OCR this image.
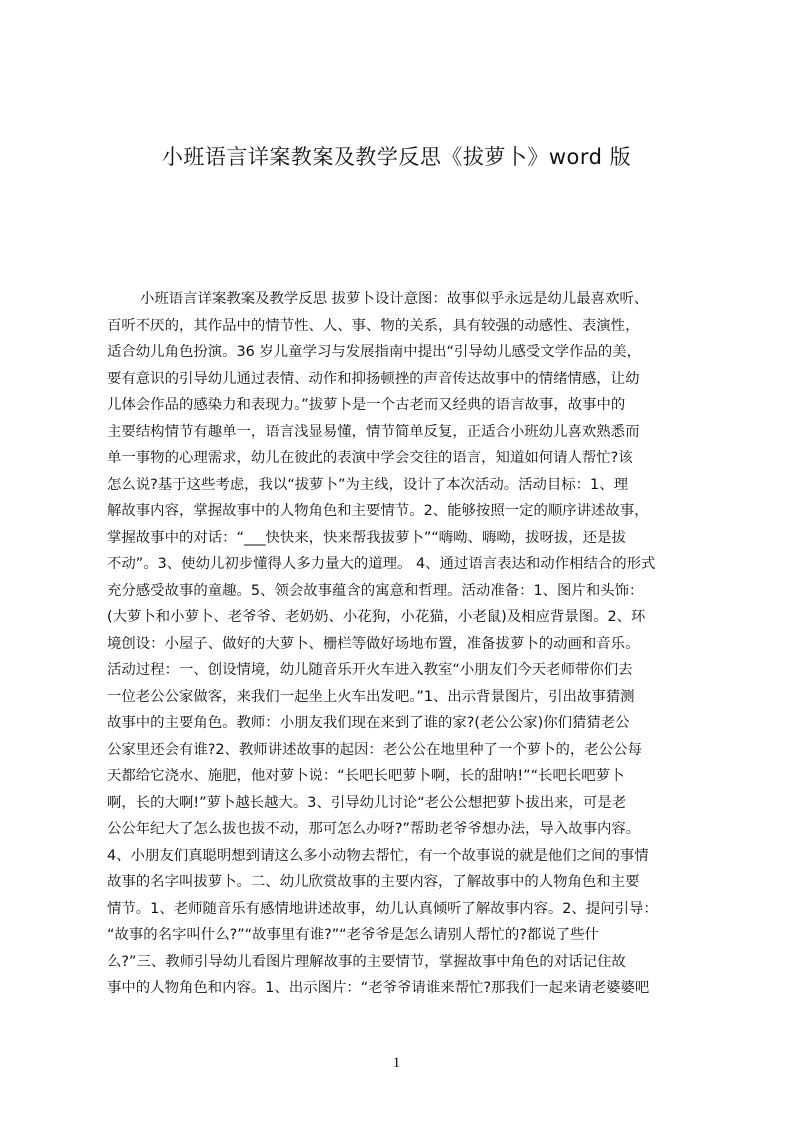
小班语言详案教案及教学反思《拔萝卜》word 版
小班语言详案教案及教学反思 拔萝卜设计意图：故事似乎永远是幼儿最喜欢听、
百听不厌的，其作品中的情节性、人、事、物的关系，具有较强的动感性、表演性，
适合幼儿角色扮演。36 岁儿童学习与发展指南中提出“引导幼儿感受文学作品的美，
要有意识的引导幼儿通过表情、动作和抑扬顿挫的声音传达故事中的情绪情感，让幼
儿体会作品的感染力和表现力。”拔萝卜是一个古老而又经典的语言故事，故事中的
主要结构情节有趣单一，语言浅显易懂，情节简单反复，正适合小班幼儿喜欢熟悉而
单一事物的心理需求，幼儿在彼此的表演中学会交往的语言，知道如何请人帮忙?该
怎么说?基于这些考虑，我以“拔萝卜”为主线，设计了本次活动。活动目标：1、理
解故事内容，掌握故事中的人物角色和主要情节。2、能够按照一定的顺序讲述故事，
掌握故事中的对话：“___快快来，快来帮我拔萝卜”“嗨呦、嗨呦，拔呀拔，还是拔
不动”。3、使幼儿初步懂得人多力量大的道理。 4、通过语言表达和动作相结合的形式
充分感受故事的童趣。5、领会故事蕴含的寓意和哲理。活动准备：1、图片和头饰：
(大萝卜和小萝卜、老爷爷、老奶奶、小花狗，小花猫，小老鼠)及相应背景图。2、环
境创设：小屋子、做好的大萝卜、栅栏等做好场地布置，准备拔萝卜的动画和音乐。
活动过程：一、创设情境，幼儿随音乐开火车进入教室“小朋友们今天老师带你们去
一位老公公家做客，来我们一起坐上火车出发吧。”1、出示背景图片，引出故事猜测
故事中的主要角色。教师：小朋友我们现在来到了谁的家?(老公公家)你们猜猜老公
公家里还会有谁?2、教师讲述故事的起因：老公公在地里种了一个萝卜的，老公公每
天都给它浇水、施肥，他对萝卜说：“长吧长吧萝卜啊，长的甜呐!”“长吧长吧萝卜
啊，长的大啊!”萝卜越长越大。3、引导幼儿讨论“老公公想把萝卜拔出来，可是老
公公年纪大了怎么拔也拔不动，那可怎么办呀?”帮助老爷爷想办法，导入故事内容。
4、小朋友们真聪明想到请这么多小动物去帮忙，有一个故事说的就是他们之间的事情
故事的名字叫拔萝卜。二、幼儿欣赏故事的主要内容，了解故事中的人物角色和主要
情节。1、老师随音乐有感情地讲述故事，幼儿认真倾听了解故事内容。2、提问引导：
“故事的名字叫什么?”“故事里有谁?”“老爷爷是怎么请别人帮忙的?都说了些什
么?”三、教师引导幼儿看图片理解故事的主要情节，掌握故事中角色的对话记住故
事中的人物角色和内容。1、出示图片：“老爷爷请谁来帮忙?那我们一起来请老婆婆吧
1
